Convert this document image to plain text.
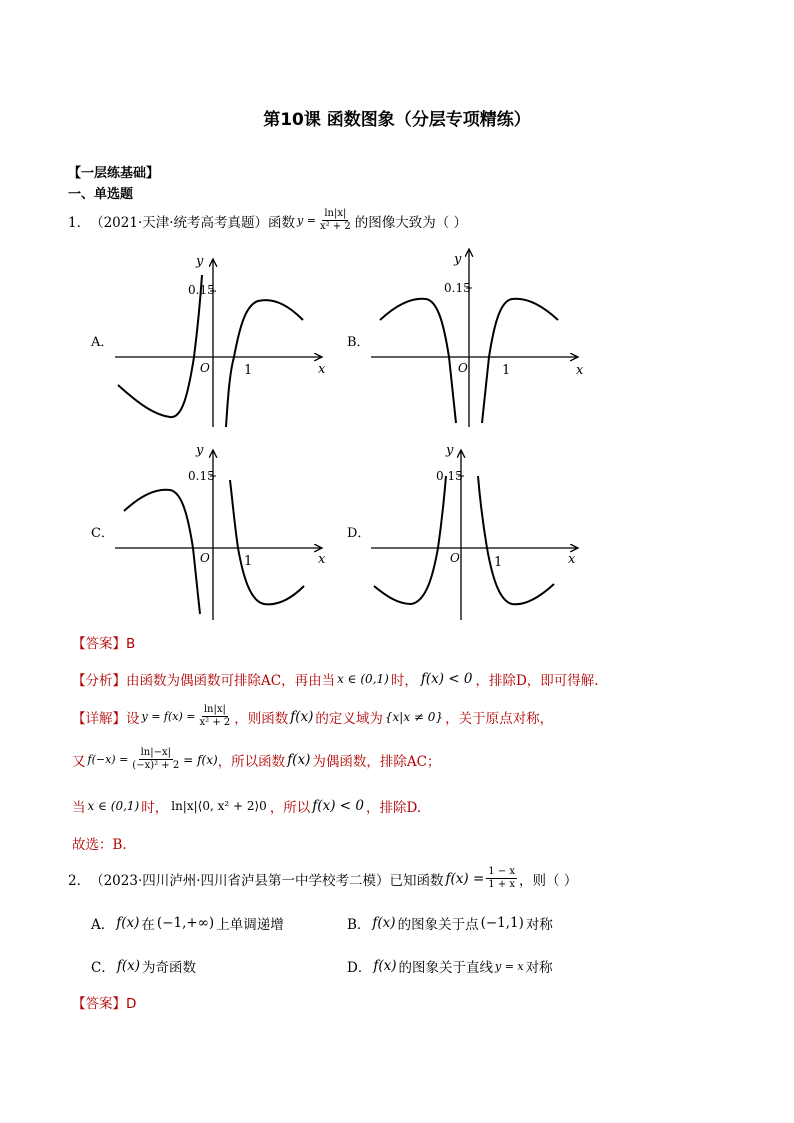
第10课 函数图象（分层专项精练）
【一层练基础】
一、单选题
1． （2021·天津·统考高考真题）函数 $y = \frac{\ln|x|}{\text{x² + 2}}$ 的图像大致为（ ）
A．	B．
C．	D．
y
0.15
O	1	x
y
0.15
O	1	x
y
0.15
O	1	x
y
0.15
O	1	x
【答案】B
【分析】 由函数为偶函数可排除AC，再由当 x ∈ (0,1) 时， f(x) < 0 ，排除D，即可得解.
【详解】 设 $y = f(x) = \frac{\ln|x|}{\text{x² + 2}}$ ，则函数 f(x) 的定义域为 {x|x ≠ 0} ，关于原点对称，
又 $f(-x) = \frac{\ln|-x|}{\text{(−x)² + 2}} = f(x)$ ，所以函数 f(x) 为偶函数，排除AC；
当 x ∈ (0,1) 时， ln|x|⟨0, x² + 2⟩0 ，所以 f(x) < 0 ，排除D.
故选：B.
2． （2023·四川泸州·四川省泸县第一中学校考二模）已知函数 $f(x) = \frac{1 - x}{1 + x}$ ，则（ ）
A． f(x) 在 (−1,+∞) 上单调递增	B． f(x) 的图象关于点 (−1,1) 对称
C． f(x) 为奇函数	D． f(x) 的图象关于直线 y = x 对称
【答案】D
